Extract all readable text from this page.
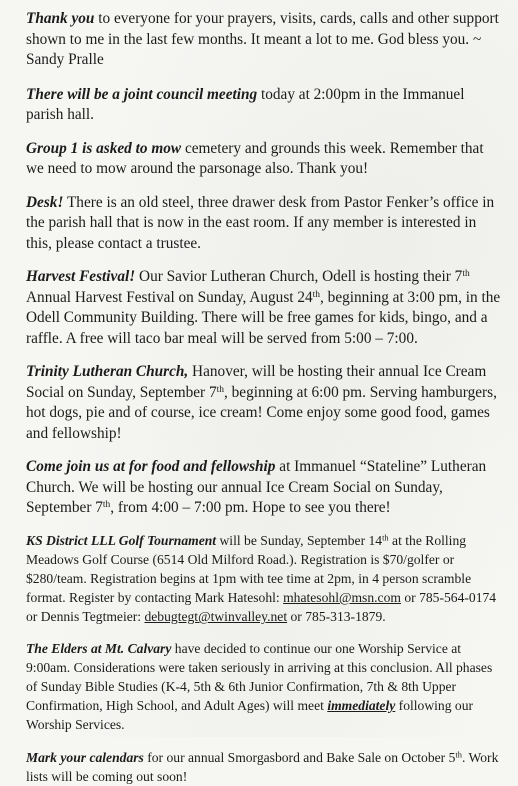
Thank you to everyone for your prayers, visits, cards, calls and other support shown to me in the last few months. It meant a lot to me. God bless you. ~ Sandy Pralle

There will be a joint council meeting today at 2:00pm in the Immanuel parish hall.

Group 1 is asked to mow cemetery and grounds this week. Remember that we need to mow around the parsonage also. Thank you!

Desk! There is an old steel, three drawer desk from Pastor Fenker’s office in the parish hall that is now in the east room. If any member is interested in this, please contact a trustee.

Harvest Festival! Our Savior Lutheran Church, Odell is hosting their 7th Annual Harvest Festival on Sunday, August 24th, beginning at 3:00 pm, in the Odell Community Building. There will be free games for kids, bingo, and a raffle. A free will taco bar meal will be served from 5:00 – 7:00.

Trinity Lutheran Church, Hanover, will be hosting their annual Ice Cream Social on Sunday, September 7th, beginning at 6:00 pm. Serving hamburgers, hot dogs, pie and of course, ice cream! Come enjoy some good food, games and fellowship!

Come join us at for food and fellowship at Immanuel “Stateline” Lutheran Church. We will be hosting our annual Ice Cream Social on Sunday, September 7th, from 4:00 – 7:00 pm. Hope to see you there!

KS District LLL Golf Tournament will be Sunday, September 14th at the Rolling Meadows Golf Course (6514 Old Milford Road.). Registration is $70/golfer or $280/team. Registration begins at 1pm with tee time at 2pm, in 4 person scramble format. Register by contacting Mark Hatesohl: mhatesohl@msn.com or 785-564-0174 or Dennis Tegtmeier: debugtegt@twinvalley.net or 785-313-1879.

The Elders at Mt. Calvary have decided to continue our one Worship Service at 9:00am. Considerations were taken seriously in arriving at this conclusion. All phases of Sunday Bible Studies (K-4, 5th & 6th Junior Confirmation, 7th & 8th Upper Confirmation, High School, and Adult Ages) will meet immediately following our Worship Services.

Mark your calendars for our annual Smorgasbord and Bake Sale on October 5th. Work lists will be coming out soon!
